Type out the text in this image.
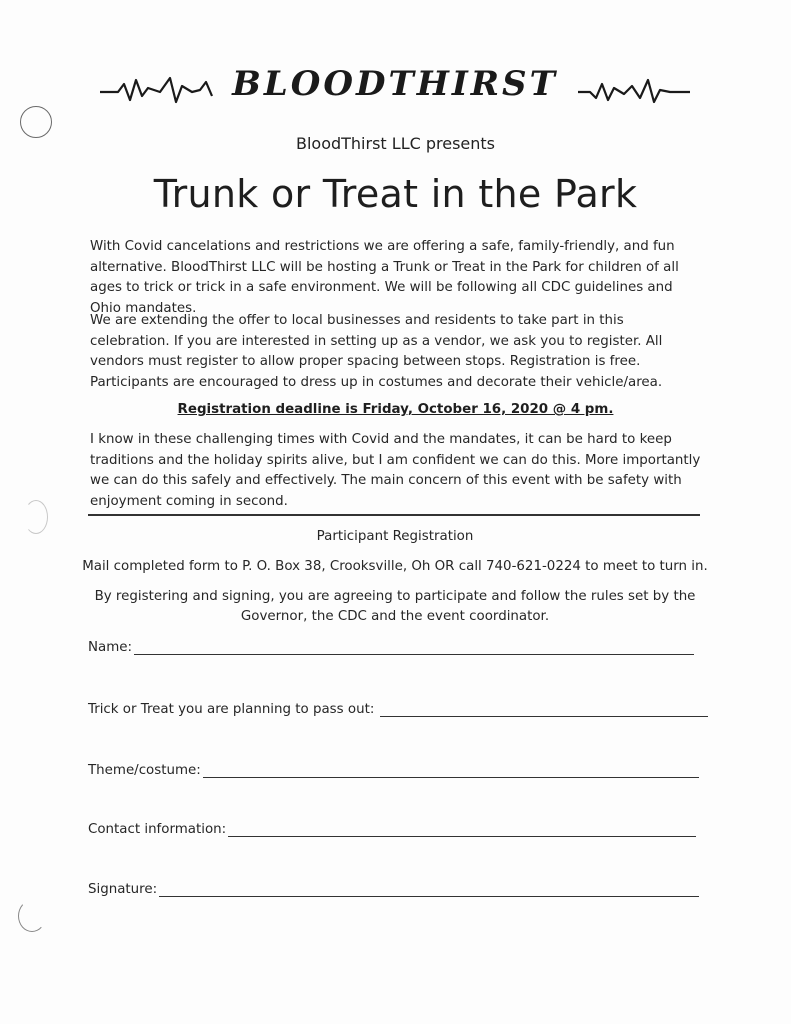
BLOODTHIRST
BloodThirst LLC presents
Trunk or Treat in the Park

With Covid cancelations and restrictions we are offering a safe, family-friendly, and fun alternative. BloodThirst LLC will be hosting a Trunk or Treat in the Park for children of all ages to trick or trick in a safe environment. We will be following all CDC guidelines and Ohio mandates.

We are extending the offer to local businesses and residents to take part in this celebration. If you are interested in setting up as a vendor, we ask you to register. All vendors must register to allow proper spacing between stops. Registration is free. Participants are encouraged to dress up in costumes and decorate their vehicle/area.

Registration deadline is Friday, October 16, 2020 @ 4 pm.

I know in these challenging times with Covid and the mandates, it can be hard to keep traditions and the holiday spirits alive, but I am confident we can do this. More importantly we can do this safely and effectively. The main concern of this event with be safety with enjoyment coming in second.

Participant Registration

Mail completed form to P. O. Box 38, Crooksville, Oh OR call 740-621-0224 to meet to turn in.

By registering and signing, you are agreeing to participate and follow the rules set by the Governor, the CDC and the event coordinator.

Name:
Trick or Treat you are planning to pass out:
Theme/costume:
Contact information:
Signature:
